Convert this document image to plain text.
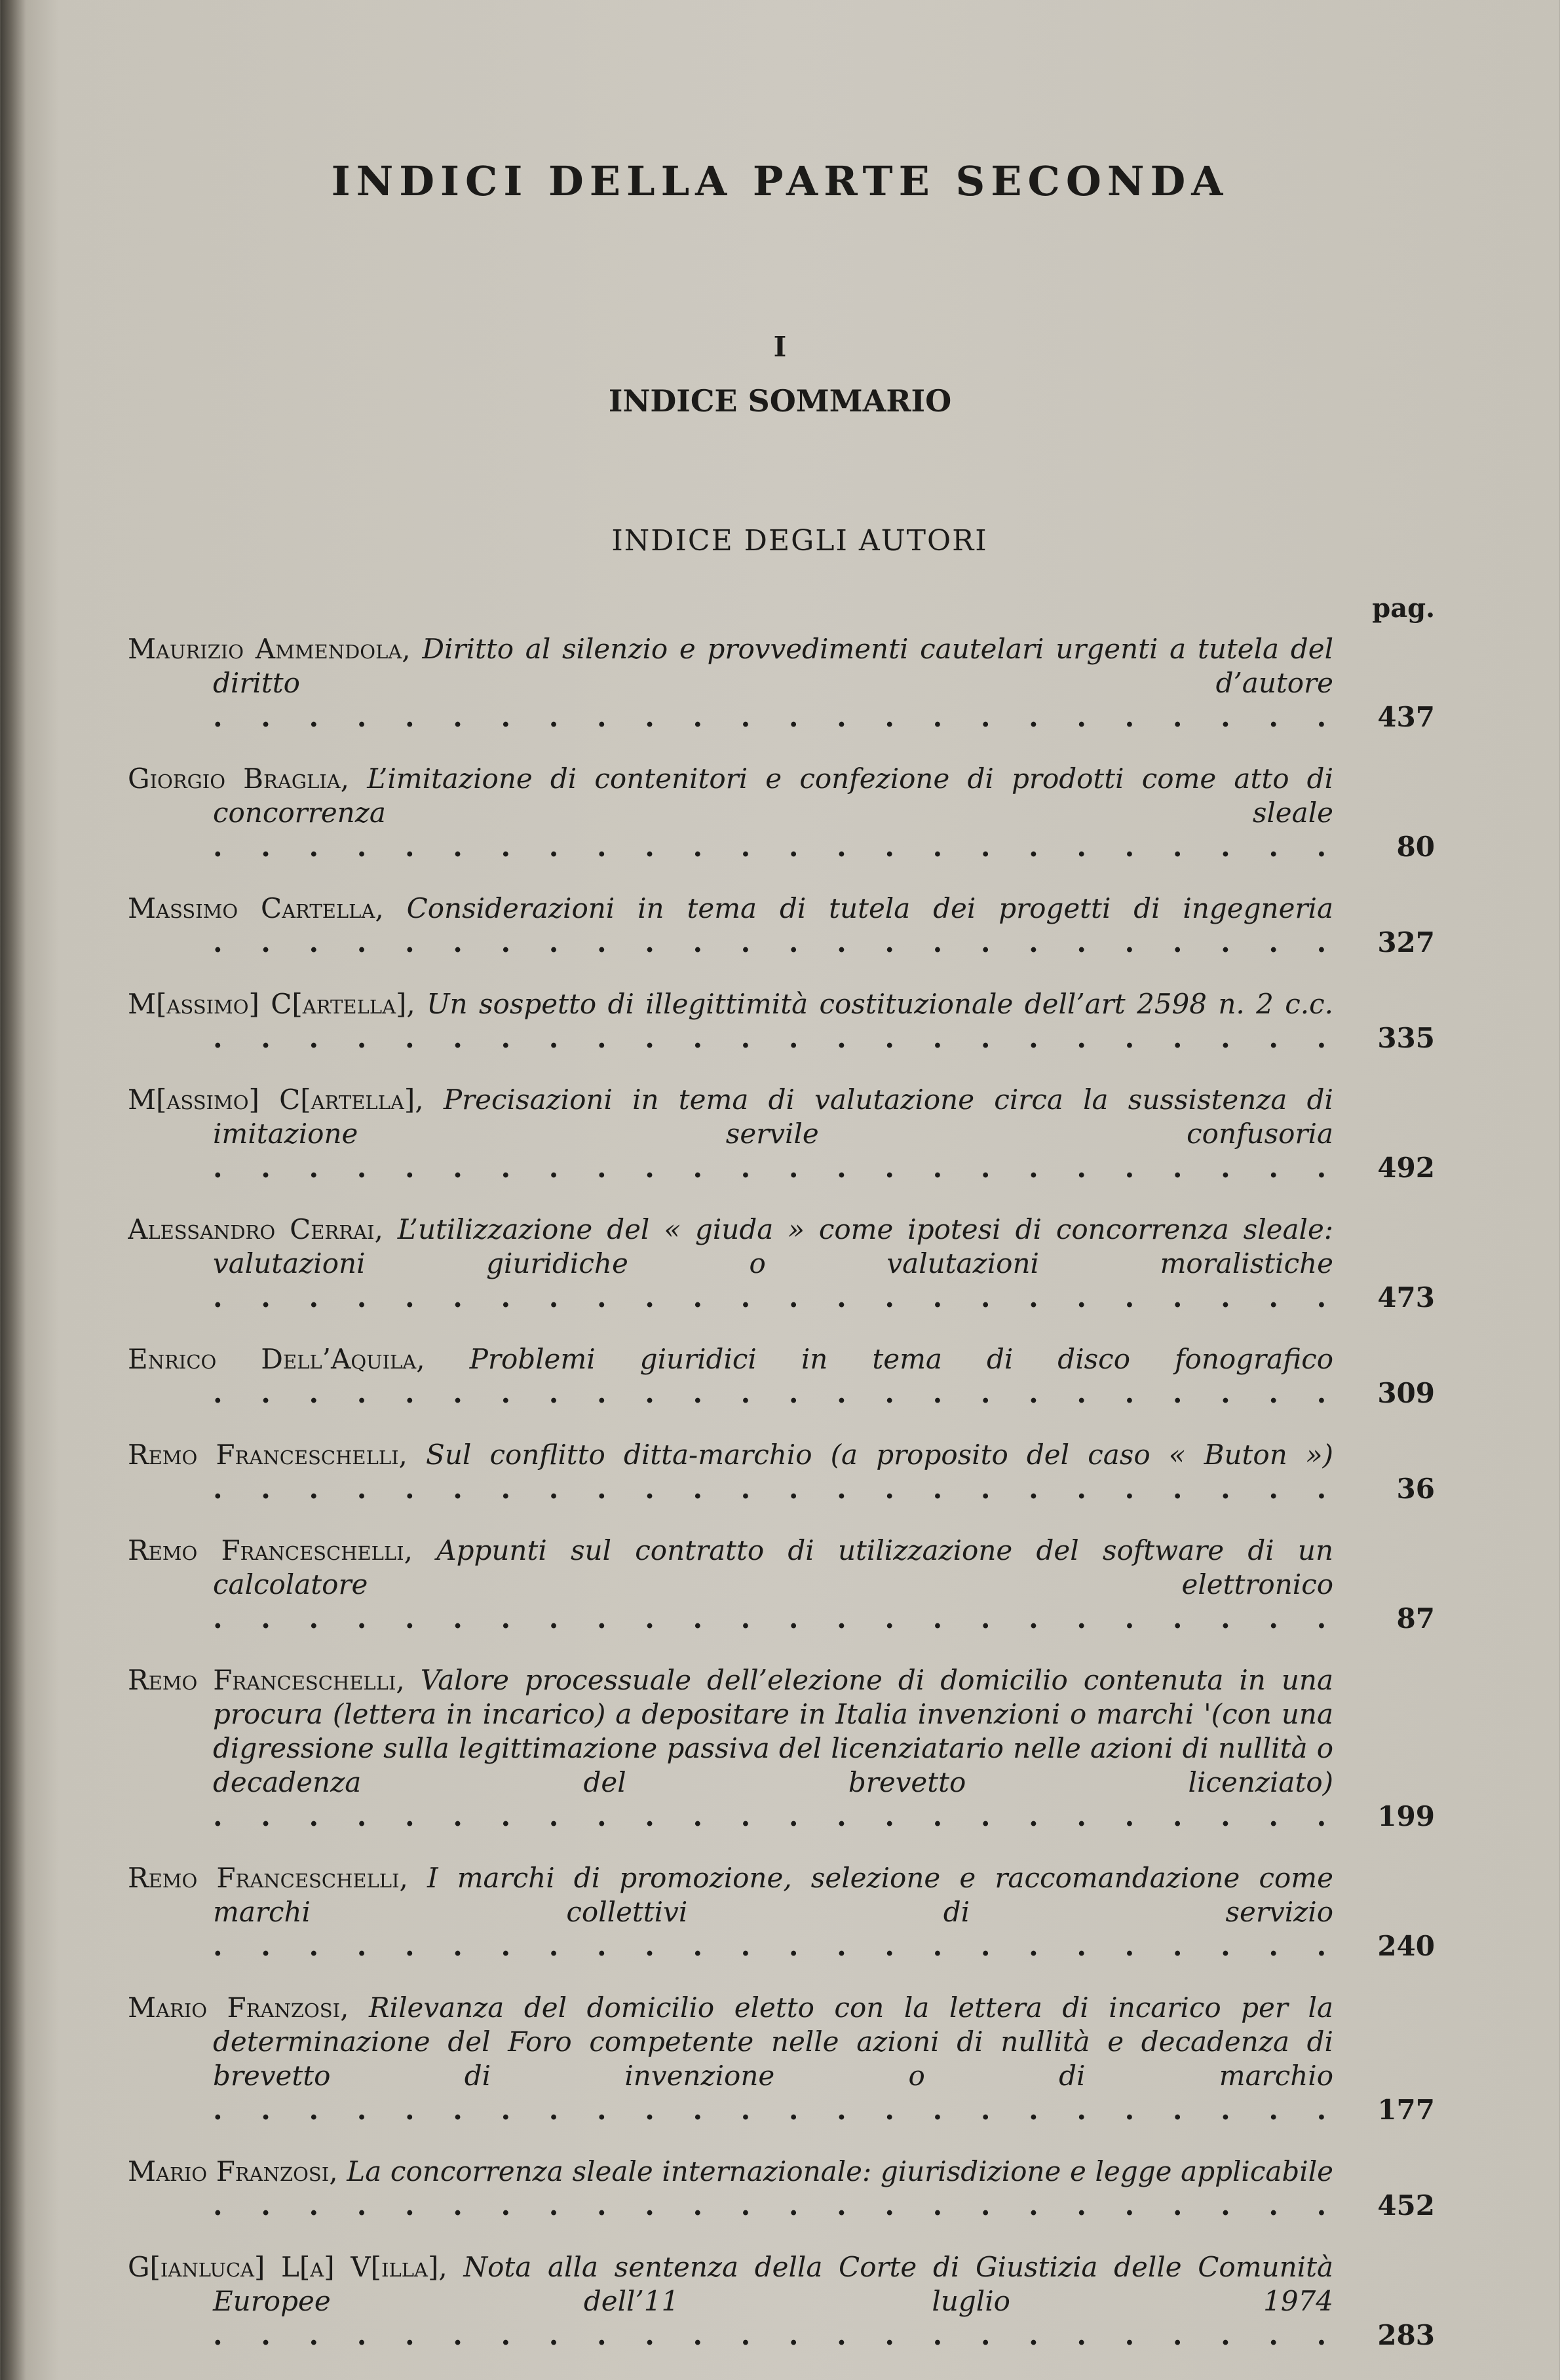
INDICI DELLA PARTE SECONDA
I
INDICE SOMMARIO
INDICE DEGLI AUTORI
pag.
Maurizio Ammendola, Diritto al silenzio e provvedimenti cautelari urgenti a tutela del diritto d’autore . . .
437
Giorgio Braglia, L’imitazione di contenitori e confezione di prodotti come atto di concorrenza sleale . . .
80
Massimo Cartella, Considerazioni in tema di tutela dei progetti di ingegneria . . .
327
M[assimo] C[artella], Un sospetto di illegittimità costituzionale dell’art 2598 n. 2 c.c. . . .
335
M[assimo] C[artella], Precisazioni in tema di valutazione circa la sussistenza di imitazione servile confusoria . . .
492
Alessandro Cerrai, L’utilizzazione del « giuda » come ipotesi di concorrenza sleale: valutazioni giuridiche o valutazioni moralistiche . . .
473
Enrico Dell’Aquila, Problemi giuridici in tema di disco fonografico . . .
309
Remo Franceschelli, Sul conflitto ditta-marchio (a proposito del caso « Buton ») . . .
36
Remo Franceschelli, Appunti sul contratto di utilizzazione del software di un calcolatore elettronico . . .
87
Remo Franceschelli, Valore processuale dell’elezione di domicilio contenuta in una procura (lettera in incarico) a depositare in Italia invenzioni o marchi '(con una digressione sulla legittimazione passiva del licenziatario nelle azioni di nullità o decadenza del brevetto licenziato) . . .
199
Remo Franceschelli, I marchi di promozione, selezione e raccomandazione come marchi collettivi di servizio . . .
240
Mario Franzosi, Rilevanza del domicilio eletto con la lettera di incarico per la determinazione del Foro competente nelle azioni di nullità e decadenza di brevetto di invenzione o di marchio . . .
177
Mario Franzosi, La concorrenza sleale internazionale: giurisdizione e legge applicabile . . .
452
G[ianluca] L[a] V[illa], Nota alla sentenza della Corte di Giustizia delle Comunità Europee dell’11 luglio 1974 . . .
283
